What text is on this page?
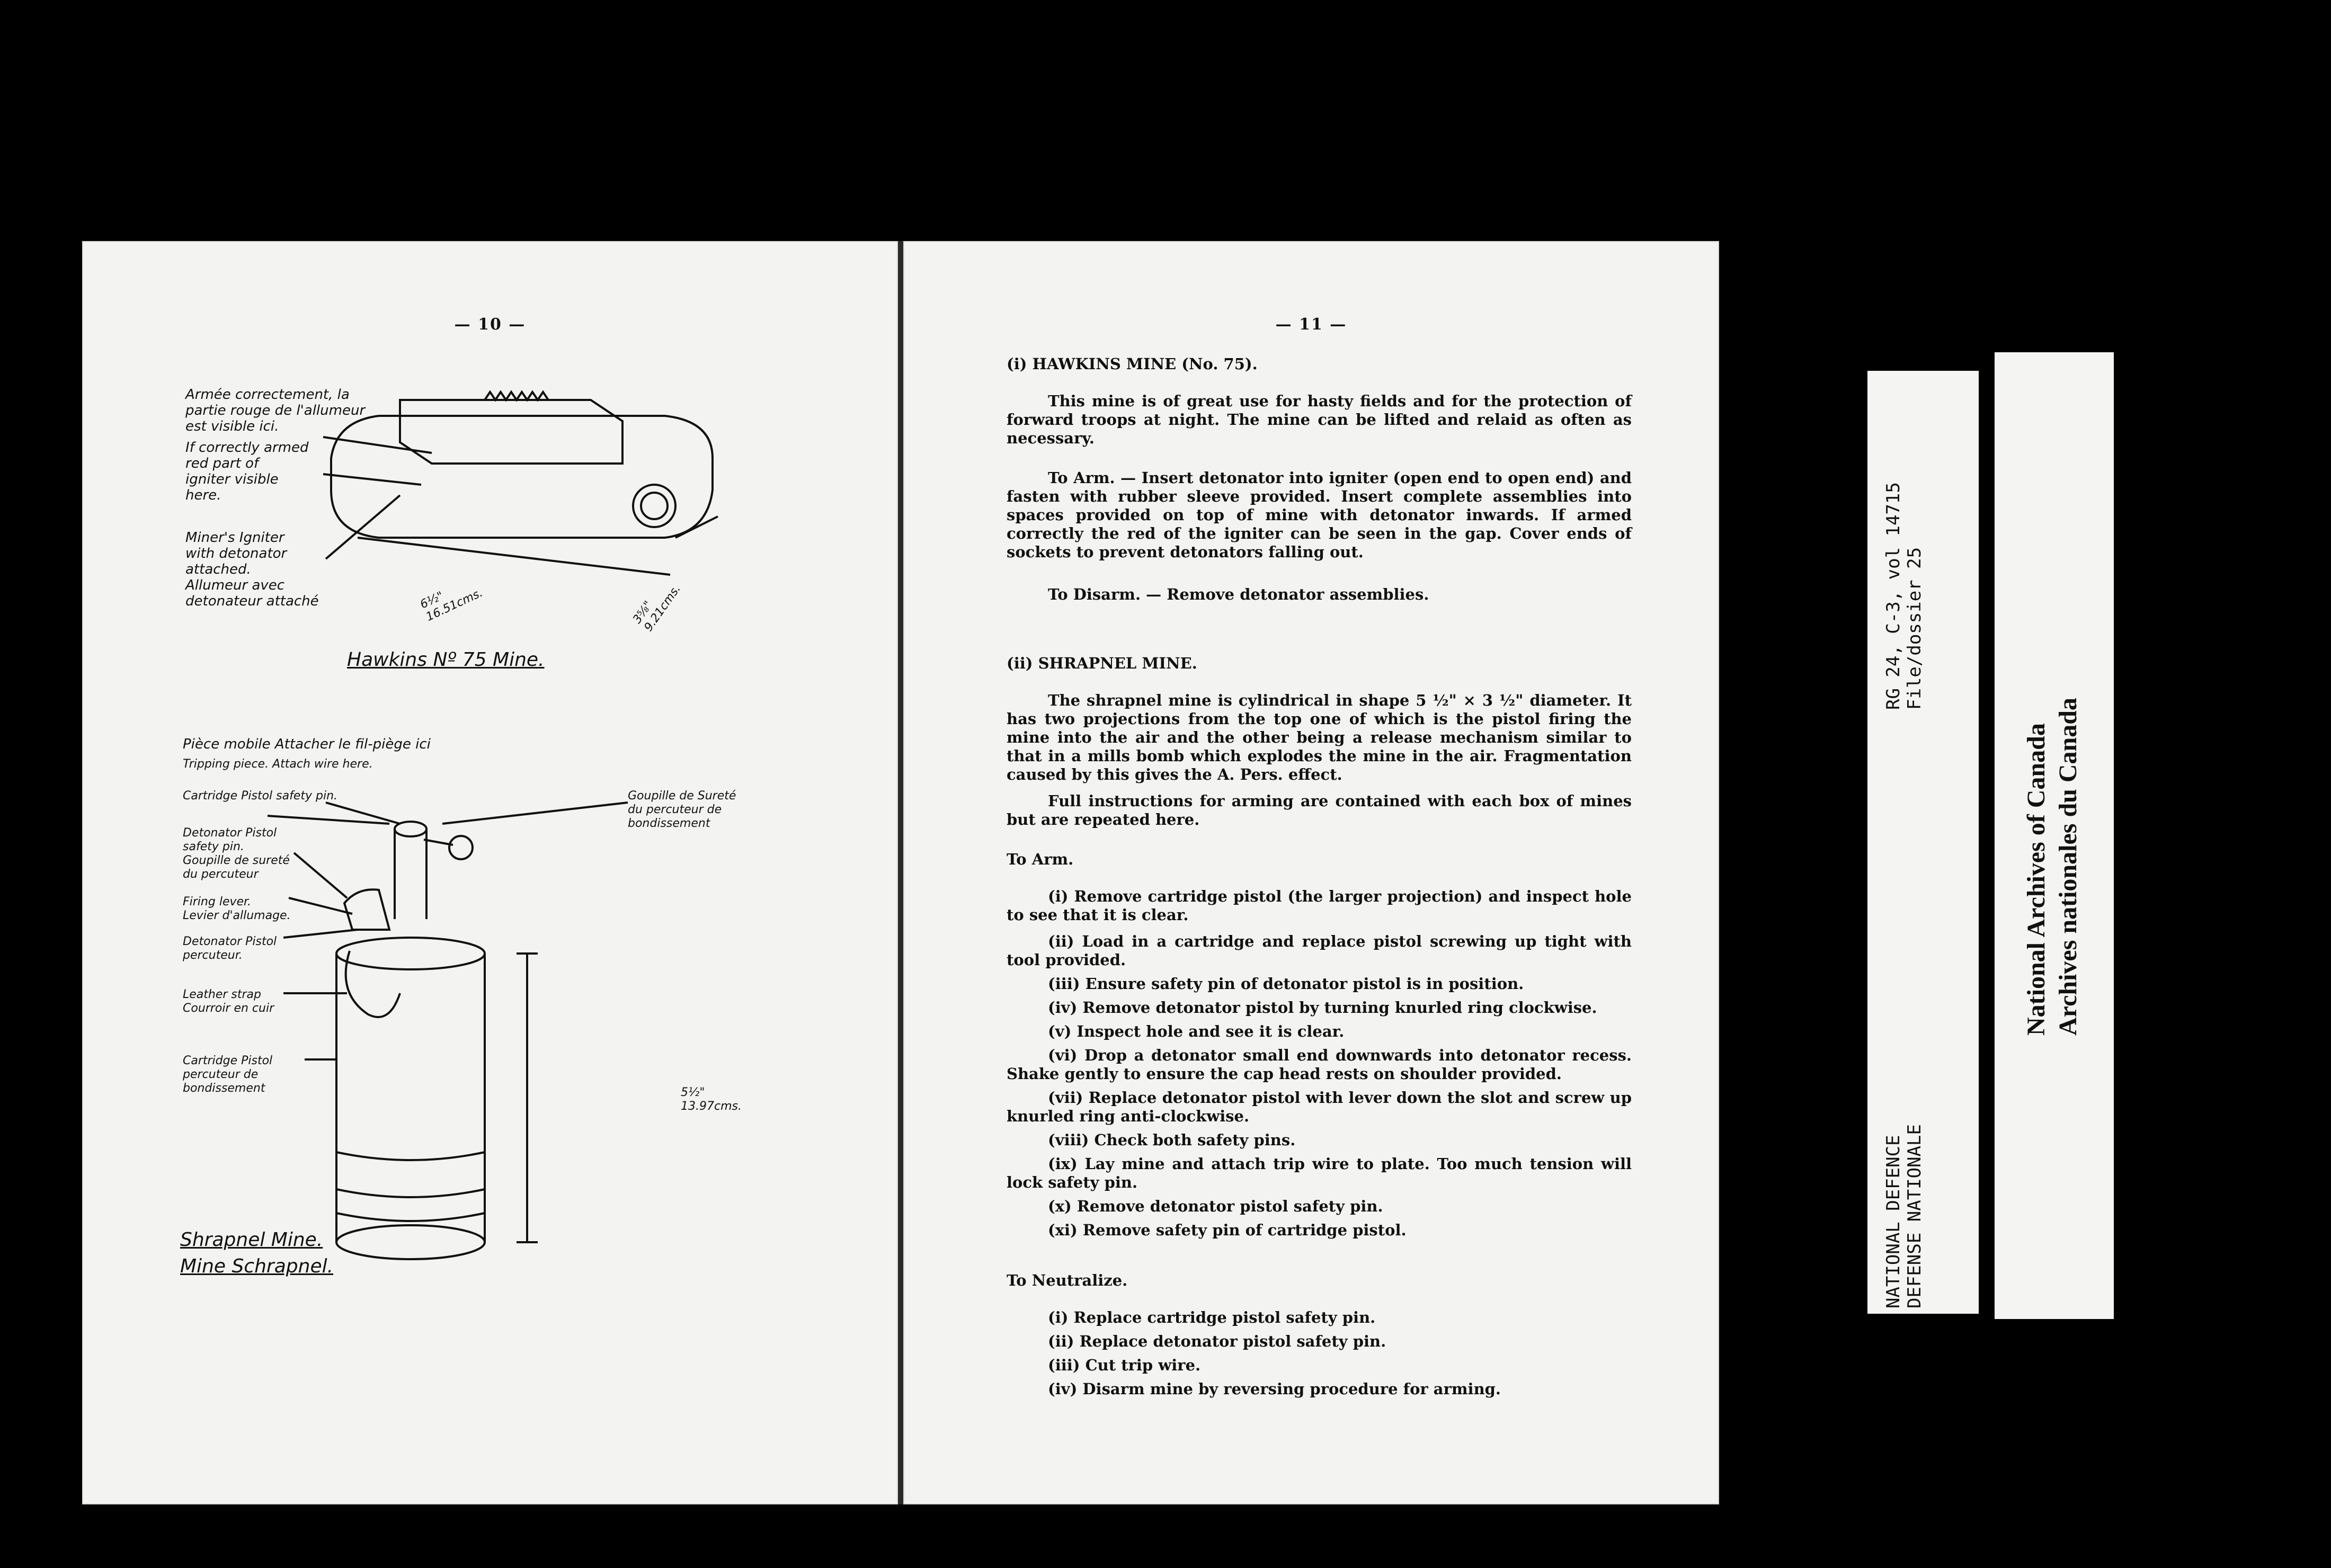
— 10 —
Armée correctement, la
partie rouge de l'allumeur
est visible ici.
If correctly armed
red part of
igniter visible
here.
Miner's Igniter
with detonator
attached.
Allumeur avec
detonateur attaché	6½"
16.51cms.	3⅝"
9.21cms.
Hawkins Nº 75 Mine.
Pièce mobile Attacher le fil-piège ici
Tripping piece. Attach wire here.
Cartridge Pistol safety pin.	Goupille de Sureté
du percuteur de
bondissement
Detonator Pistol
safety pin.
Goupille de sureté
du percuteur
Firing lever.
Levier d'allumage.
Detonator Pistol
percuteur.
Leather strap
Courroir en cuir
Cartridge Pistol
percuteur de
bondissement	5½"
13.97cms.
Shrapnel Mine.
Mine Schrapnel.
— 11 —
(i) HAWKINS MINE (No. 75).
This mine is of great use for hasty fields and for the protection of forward troops at night. The mine can be lifted and relaid as often as necessary.
To Arm. — Insert detonator into igniter (open end to open end) and fasten with rubber sleeve provided. Insert complete assemblies into spaces provided on top of mine with detonator inwards. If armed correctly the red of the igniter can be seen in the gap. Cover ends of sockets to prevent detonators falling out.
To Disarm. — Remove detonator assemblies.
(ii) SHRAPNEL MINE.
The shrapnel mine is cylindrical in shape 5 ½" × 3 ½" diameter. It has two projections from the top one of which is the pistol firing the mine into the air and the other being a release mechanism similar to that in a mills bomb which explodes the mine in the air. Fragmentation caused by this gives the A. Pers. effect.
Full instructions for arming are contained with each box of mines but are repeated here.
To Arm.
(i) Remove cartridge pistol (the larger projection) and inspect hole to see that it is clear.
(ii) Load in a cartridge and replace pistol screwing up tight with tool provided.
(iii) Ensure safety pin of detonator pistol is in position.
(iv) Remove detonator pistol by turning knurled ring clockwise.
(v) Inspect hole and see it is clear.
(vi) Drop a detonator small end downwards into detonator recess. Shake gently to ensure the cap head rests on shoulder provided.
(vii) Replace detonator pistol with lever down the slot and screw up knurled ring anti-clockwise.
(viii) Check both safety pins.
(ix) Lay mine and attach trip wire to plate. Too much tension will lock safety pin.
(x) Remove detonator pistol safety pin.
(xi) Remove safety pin of cartridge pistol.
To Neutralize.
(i) Replace cartridge pistol safety pin.
(ii) Replace detonator pistol safety pin.
(iii) Cut trip wire.
(iv) Disarm mine by reversing procedure for arming.
RG 24, C-3, vol 14715 File/dossier 25
NATIONAL DEFENCE DEFENSE NATIONALE
National Archives of Canada Archives nationales du Canada
